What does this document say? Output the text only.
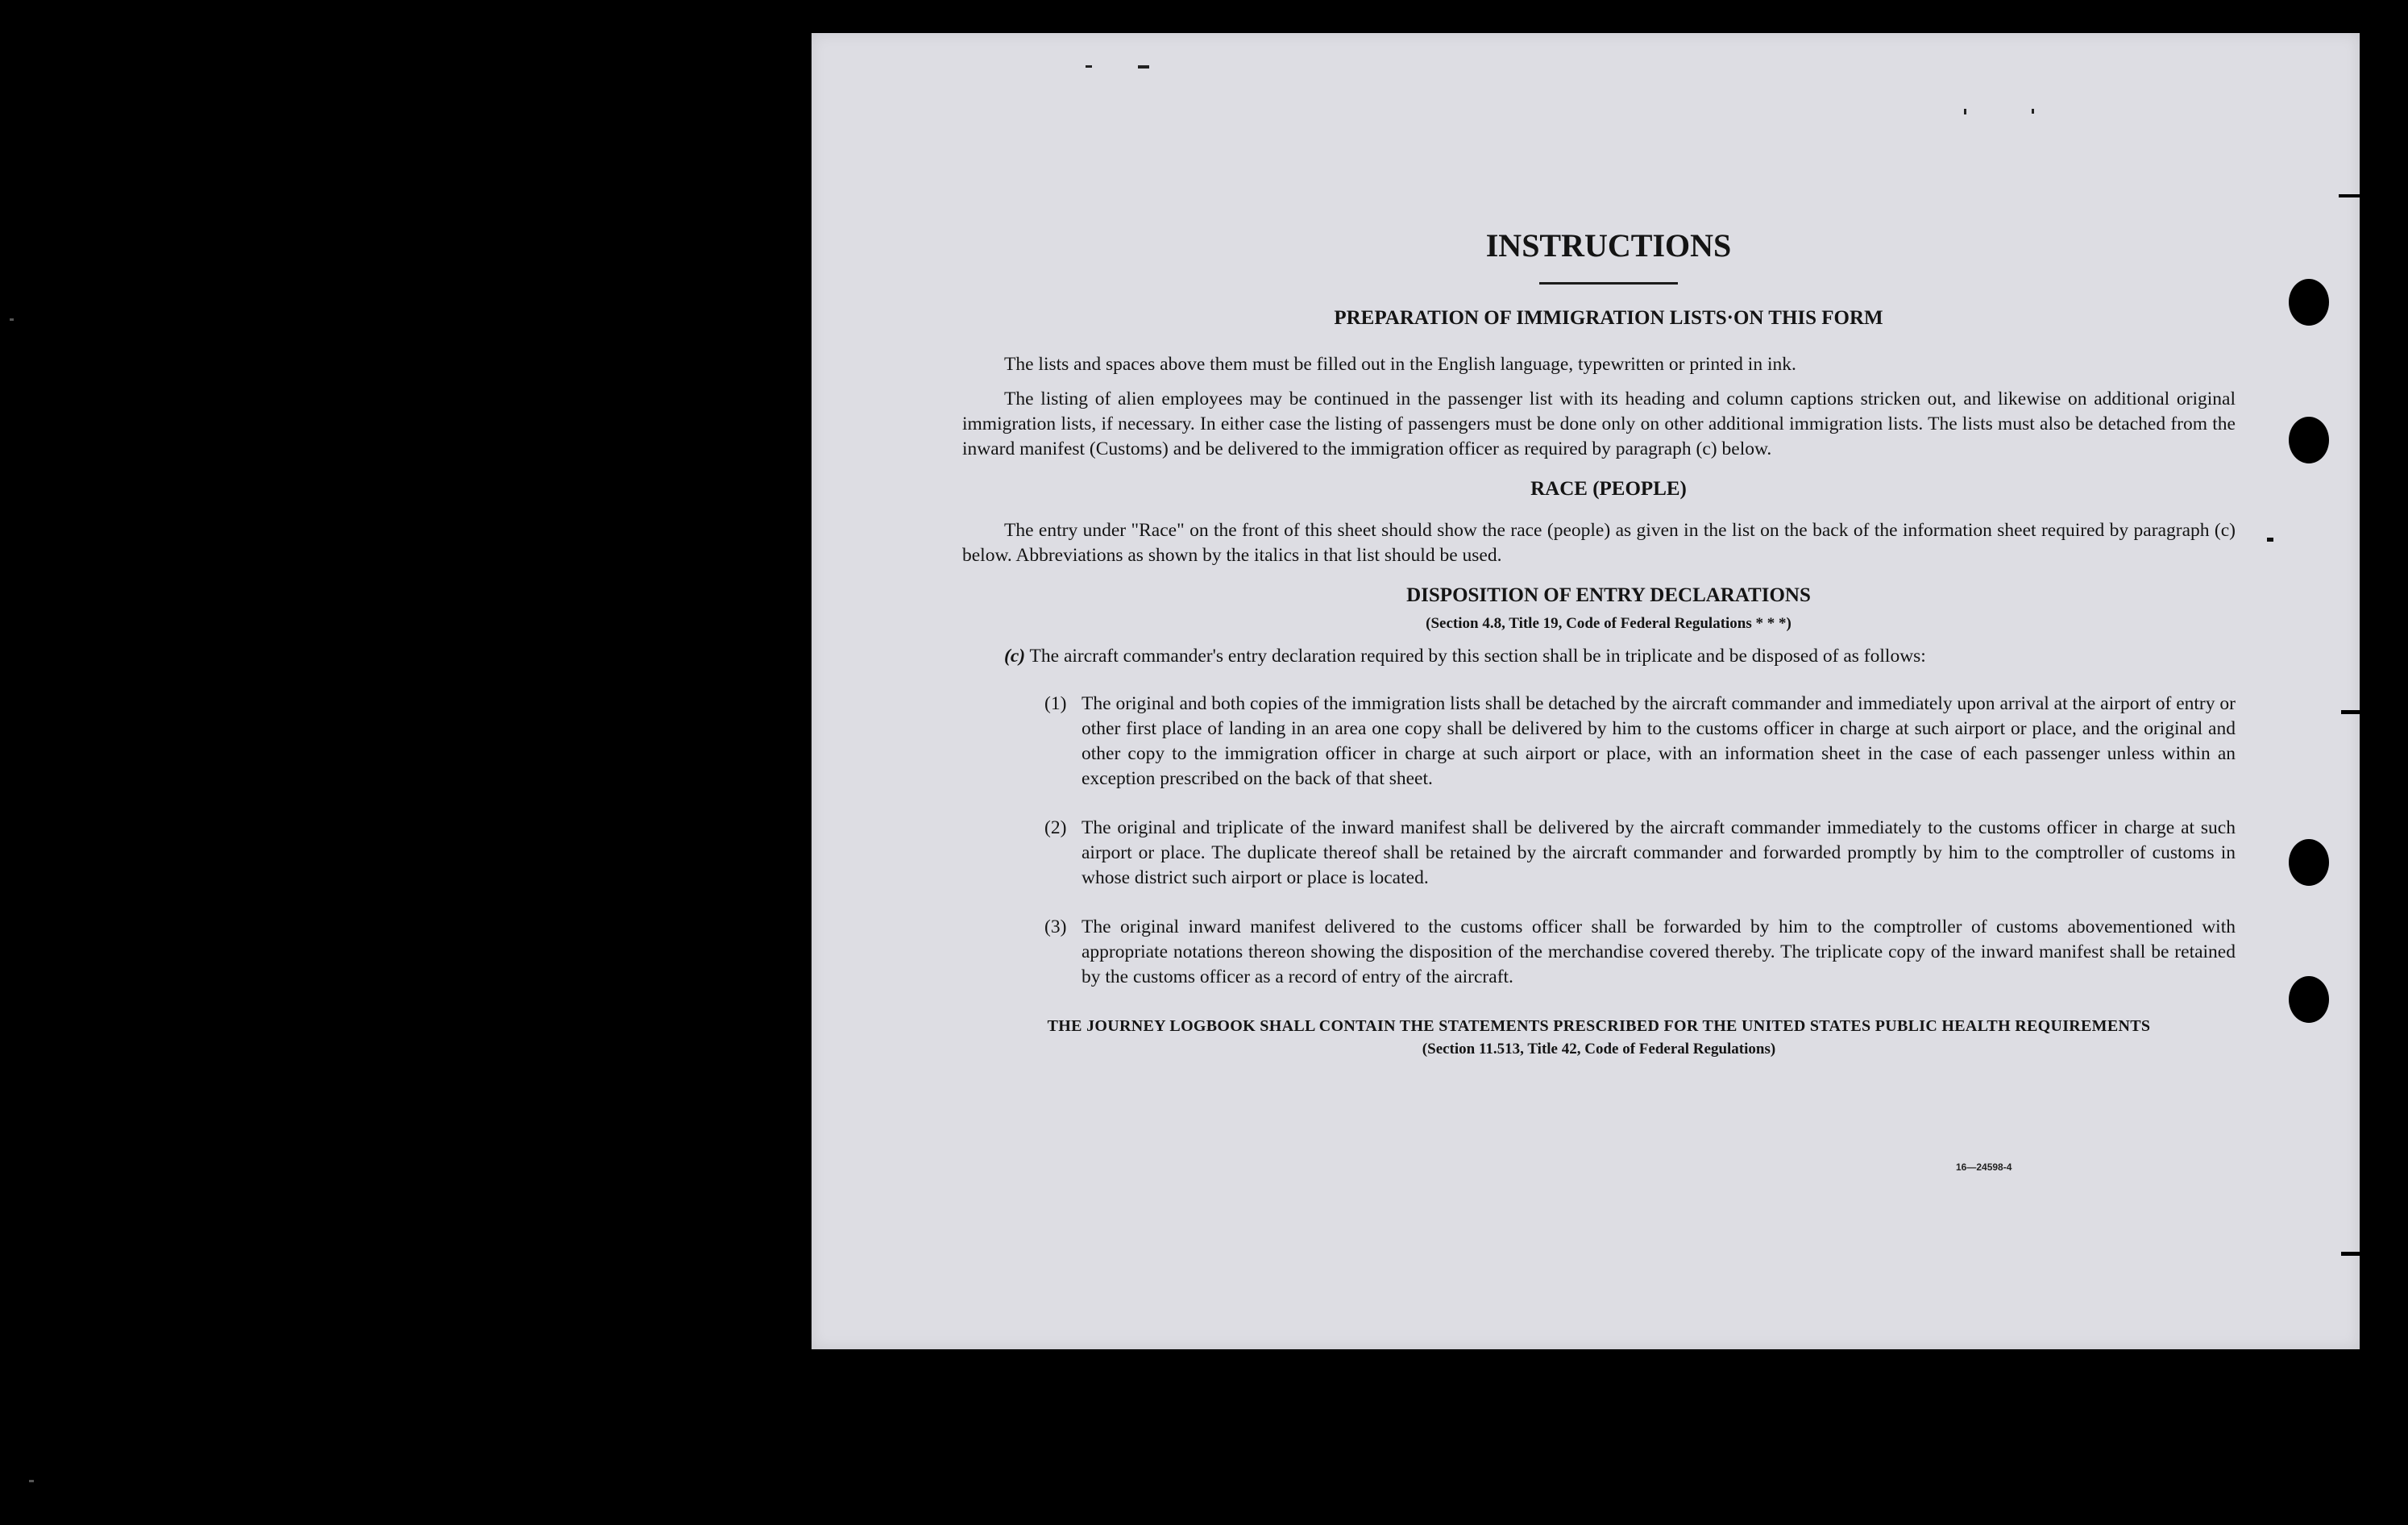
INSTRUCTIONS
PREPARATION OF IMMIGRATION LISTS·ON THIS FORM

The lists and spaces above them must be filled out in the English language, typewritten or printed in ink.

The listing of alien employees may be continued in the passenger list with its heading and column captions stricken out, and likewise on additional original immigration lists, if necessary. In either case the listing of passengers must be done only on other additional immigration lists. The lists must also be detached from the inward manifest (Customs) and be delivered to the immigration officer as required by paragraph (c) below.

RACE (PEOPLE)

The entry under "Race" on the front of this sheet should show the race (people) as given in the list on the back of the information sheet required by paragraph (c) below. Abbreviations as shown by the italics in that list should be used.

DISPOSITION OF ENTRY DECLARATIONS
(Section 4.8, Title 19, Code of Federal Regulations * * *)
(c) The aircraft commander's entry declaration required by this section shall be in triplicate and be disposed of as follows:
(1) The original and both copies of the immigration lists shall be detached by the aircraft commander and immediately upon arrival at the airport of entry or other first place of landing in an area one copy shall be delivered by him to the customs officer in charge at such airport or place, and the original and other copy to the immigration officer in charge at such airport or place, with an information sheet in the case of each passenger unless within an exception prescribed on the back of that sheet.
(2) The original and triplicate of the inward manifest shall be delivered by the aircraft commander immediately to the customs officer in charge at such airport or place. The duplicate thereof shall be retained by the aircraft commander and forwarded promptly by him to the comptroller of customs in whose district such airport or place is located.
(3) The original inward manifest delivered to the customs officer shall be forwarded by him to the comptroller of customs abovementioned with appropriate notations thereon showing the disposition of the merchandise covered thereby. The triplicate copy of the inward manifest shall be retained by the customs officer as a record of entry of the aircraft.
THE JOURNEY LOGBOOK SHALL CONTAIN THE STATEMENTS PRESCRIBED FOR THE UNITED STATES PUBLIC HEALTH REQUIREMENTS
(Section 11.513, Title 42, Code of Federal Regulations)
16—24598-4
